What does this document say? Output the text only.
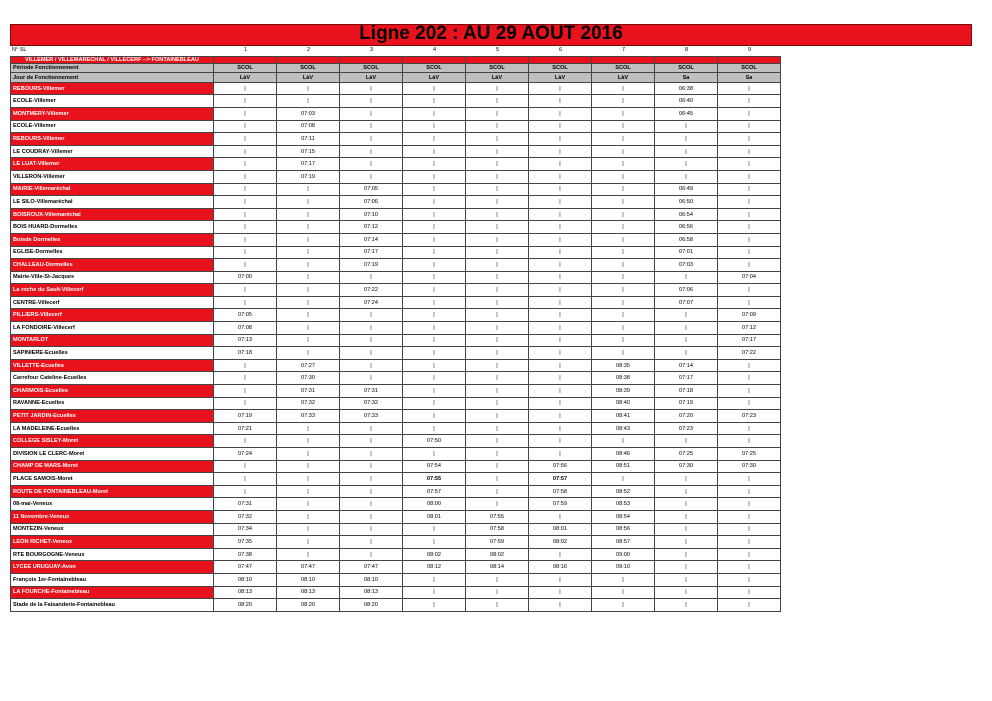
Ligne 202 : AU 29 AOUT 2016
N° SL	1	2	3	4	5	6	7	8	9
VILLEMER / VILLEMARECHAL / VILLECERF --> FONTAINEBLEAU									
Période Fonctionnement	SCOL	SCOL	SCOL	SCOL	SCOL	SCOL	SCOL	SCOL	SCOL
Jour de Fonctionnement	LàV	LàV	LàV	LàV	LàV	LàV	LàV	Sa	Sa
REBOURS-Villemer	|	|	|	|	|	|	|	06:38	|
ECOLE-Villemer	|	|	|	|	|	|	|	06:40	|
MONTMERY-Villemer	|	07:03	|	|	|	|	|	06:45	|
ECOLE-Villemer	|	07:08	|	|	|	|	|	|	|
REBOURS-Villemer	|	07:11	|	|	|	|	|	|	|
LE COUDRAY-Villemer	|	07:15	|	|	|	|	|	|	|
LE LUAT-Villemer	|	07:17	|	|	|	|	|	|	|
VILLERON-Villemer	|	07:19	|	|	|	|	|	|	|
MAIRIE-Villemaréchal	|	|	07:05	|	|	|	|	06:49	|
LE SILO-Villemaréchal	|	|	07:06	|	|	|	|	06:50	|
BOISROUX-Villemaréchal	|	|	07:10	|	|	|	|	06:54	|
BOIS HUARD-Dormelles	|	|	07:12	|	|	|	|	06:56	|
Boisde Dormelles	|	|	07:14	|	|	|	|	06:58	|
EGLISE-Dormelles	|	|	07:17	|	|	|	|	07:01	|
CHALLEAU-Dormelles	|	|	07:19	|	|	|	|	07:03	|
Mairie-Ville-St-Jacques	07:00	|	|	|	|	|	|	|	07:04
La roche du Sault-Villecerf	|	|	07:22	|	|	|	|	07:06	|
CENTRE-Villecerf	|	|	07:24	|	|	|	|	07:07	|
PILLIERS-Villecerf	07:05	|	|	|	|	|	|	|	07:09
LA FONDOIRE-Villecerf	07:08	|	|	|	|	|	|	|	07:12
MONTARLOT	07:13	|	|	|	|	|	|	|	07:17
SAPINIERE-Ecuelles	07:18	|	|	|	|	|	|	|	07:22
VILLETTE-Ecuelles	|	07:27	|	|	|	|	08:35	07:14	|
Carrefour Cateline-Ecuelles	|	07:30	|	|	|	|	08:38	07:17	|
CHARMOIS-Ecuelles	|	07:31	07:31	|	|	|	08:39	07:18	|
RAVANNE-Ecuelles	|	07:32	07:32	|	|	|	08:40	07:19	|
PETIT JARDIN-Ecuelles	07:19	07:33	07:33	|	|	|	08:41	07:20	07:23
LA MADELEINE-Ecuelles	07:21	|	|	|	|	|	08:43	07:23	|
COLLEGE SISLEY-Moret	|	|	|	07:50	|	|	|	|	|
DIVISION LE CLERC-Moret	07:24	|	|	|	|	|	08:46	07:25	07:25
CHAMP DE MARS-Moret	|	|	|	07:54	|	07:56	08:51	07:30	07:30
PLACE SAMOIS-Moret	|	|	|	07:55	|	07:57	|	|	|
ROUTE DE FONTAINEBLEAU-Moret	|	|	|	07:57	|	07:58	08:52	|	|
08-mai-Veneux	07:31	|	|	08:00	|	07:59	08:53	|	|
11 Novembre-Veneux	07:32	|	|	08:01	07:55	|	08:54	|	|
MONTEZIN-Veneux	07:34	|	|	|	07:58	08:01	08:56	|	|
LEON RICHET-Veneux	07:35	|	|	|	07:59	08:02	08:57	|	|
RTE BOURGOGNE-Veneux	07:38	|	|	08:02	08:02	|	09:00	|	|
LYCEE URUGUAY-Avon	07:47	07:47	07:47	08:12	08:14	08:16	09:10	|	|
François 1er-Fontainebleau	08:10	08:10	08:10	|	|	|	|	|	|
LA FOURCHE-Fontainebleau	08:13	08:13	08:13	|	|	|	|	|	|
Stade de la Faisanderie-Fontainebleau	08:20	08:20	08:20	|	|	|	|	|	|
